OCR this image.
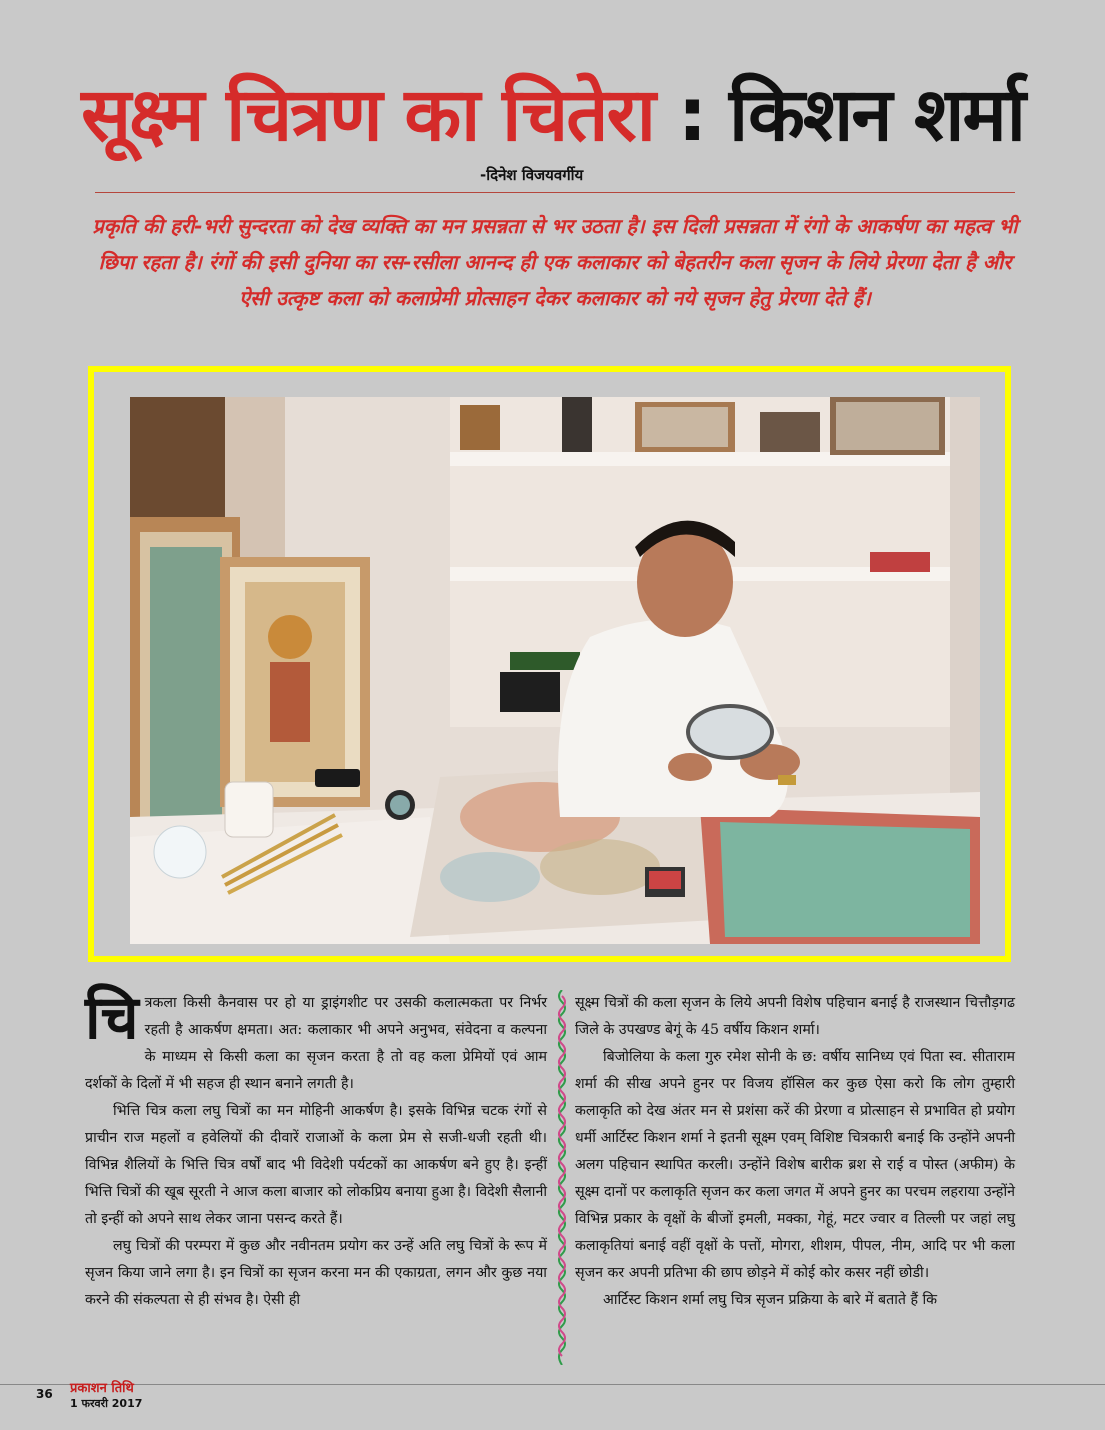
सूक्ष्म चित्रण का चितेरा : किशन शर्मा
-दिनेश विजयवर्गीय
प्रकृति की हरी-भरी सुन्दरता को देख व्यक्ति का मन प्रसन्नता से भर उठता है। इस दिली प्रसन्नता में रंगो के आकर्षण का महत्व भी छिपा रहता है। रंगों की इसी दुनिया का रस-रसीला आनन्द ही एक कलाकार को बेहतरीन कला सृजन के लिये प्रेरणा देता है और ऐसी उत्कृष्ट कला को कलाप्रेमी प्रोत्साहन देकर कलाकार को नये सृजन हेतु प्रेरणा देते हैं।

चित्रकला किसी कैनवास पर हो या ड्राइंगशीट पर उसकी कलात्मकता पर निर्भर रहती है आकर्षण क्षमता। अत: कलाकार भी अपने अनुभव, संवेदना व कल्पना के माध्यम से किसी कला का सृजन करता है तो वह कला प्रेमियों एवं आम दर्शकों के दिलों में भी सहज ही स्थान बनाने लगती है।

भित्ति चित्र कला लघु चित्रों का मन मोहिनी आकर्षण है। इसके विभिन्न चटक रंगों से प्राचीन राज महलों व हवेलियों की दीवारें राजाओं के कला प्रेम से सजी-धजी रहती थी। विभिन्न शैलियों के भित्ति चित्र वर्षों बाद भी विदेशी पर्यटकों का आकर्षण बने हुए है। इन्हीं भित्ति चित्रों की खूब सूरती ने आज कला बाजार को लोकप्रिय बनाया हुआ है। विदेशी सैलानी तो इन्हीं को अपने साथ लेकर जाना पसन्द करते हैं।

लघु चित्रों की परम्परा में कुछ और नवीनतम प्रयोग कर उन्हें अति लघु चित्रों के रूप में सृजन किया जाने लगा है। इन चित्रों का सृजन करना मन की एकाग्रता, लगन और कुछ नया करने की संकल्पता से ही संभव है। ऐसी ही

सूक्ष्म चित्रों की कला सृजन के लिये अपनी विशेष पहिचान बनाई है राजस्थान चित्तौड़गढ जिले के उपखण्ड बेगूं के 45 वर्षीय किशन शर्मा।

बिजोलिया के कला गुरु रमेश सोनी के छ: वर्षीय सानिध्य एवं पिता स्व. सीताराम शर्मा की सीख अपने हुनर पर विजय हॉसिल कर कुछ ऐसा करो कि लोग तुम्हारी कलाकृति को देख अंतर मन से प्रशंसा करें की प्रेरणा व प्रोत्साहन से प्रभावित हो प्रयोग धर्मी आर्टिस्ट किशन शर्मा ने इतनी सूक्ष्म एवम् विशिष्ट चित्रकारी बनाई कि उन्होंने अपनी अलग पहिचान स्थापित करली। उन्होंने विशेष बारीक ब्रश से राई व पोस्त (अफीम) के सूक्ष्म दानों पर कलाकृति सृजन कर कला जगत में अपने हुनर का परचम लहराया उन्होंने विभिन्न प्रकार के वृक्षों के बीजों इमली, मक्का, गेहूं, मटर ज्वार व तिल्ली पर जहां लघु कलाकृतियां बनाई वहीं वृक्षों के पत्तों, मोगरा, शीशम, पीपल, नीम, आदि पर भी कला सृजन कर अपनी प्रतिभा की छाप छोड़ने में कोई कोर कसर नहीं छोडी।

आर्टिस्ट किशन शर्मा लघु चित्र सृजन प्रक्रिया के बारे में बताते हैं कि

36 प्रकाशन तिथि
1 फरवरी 2017
